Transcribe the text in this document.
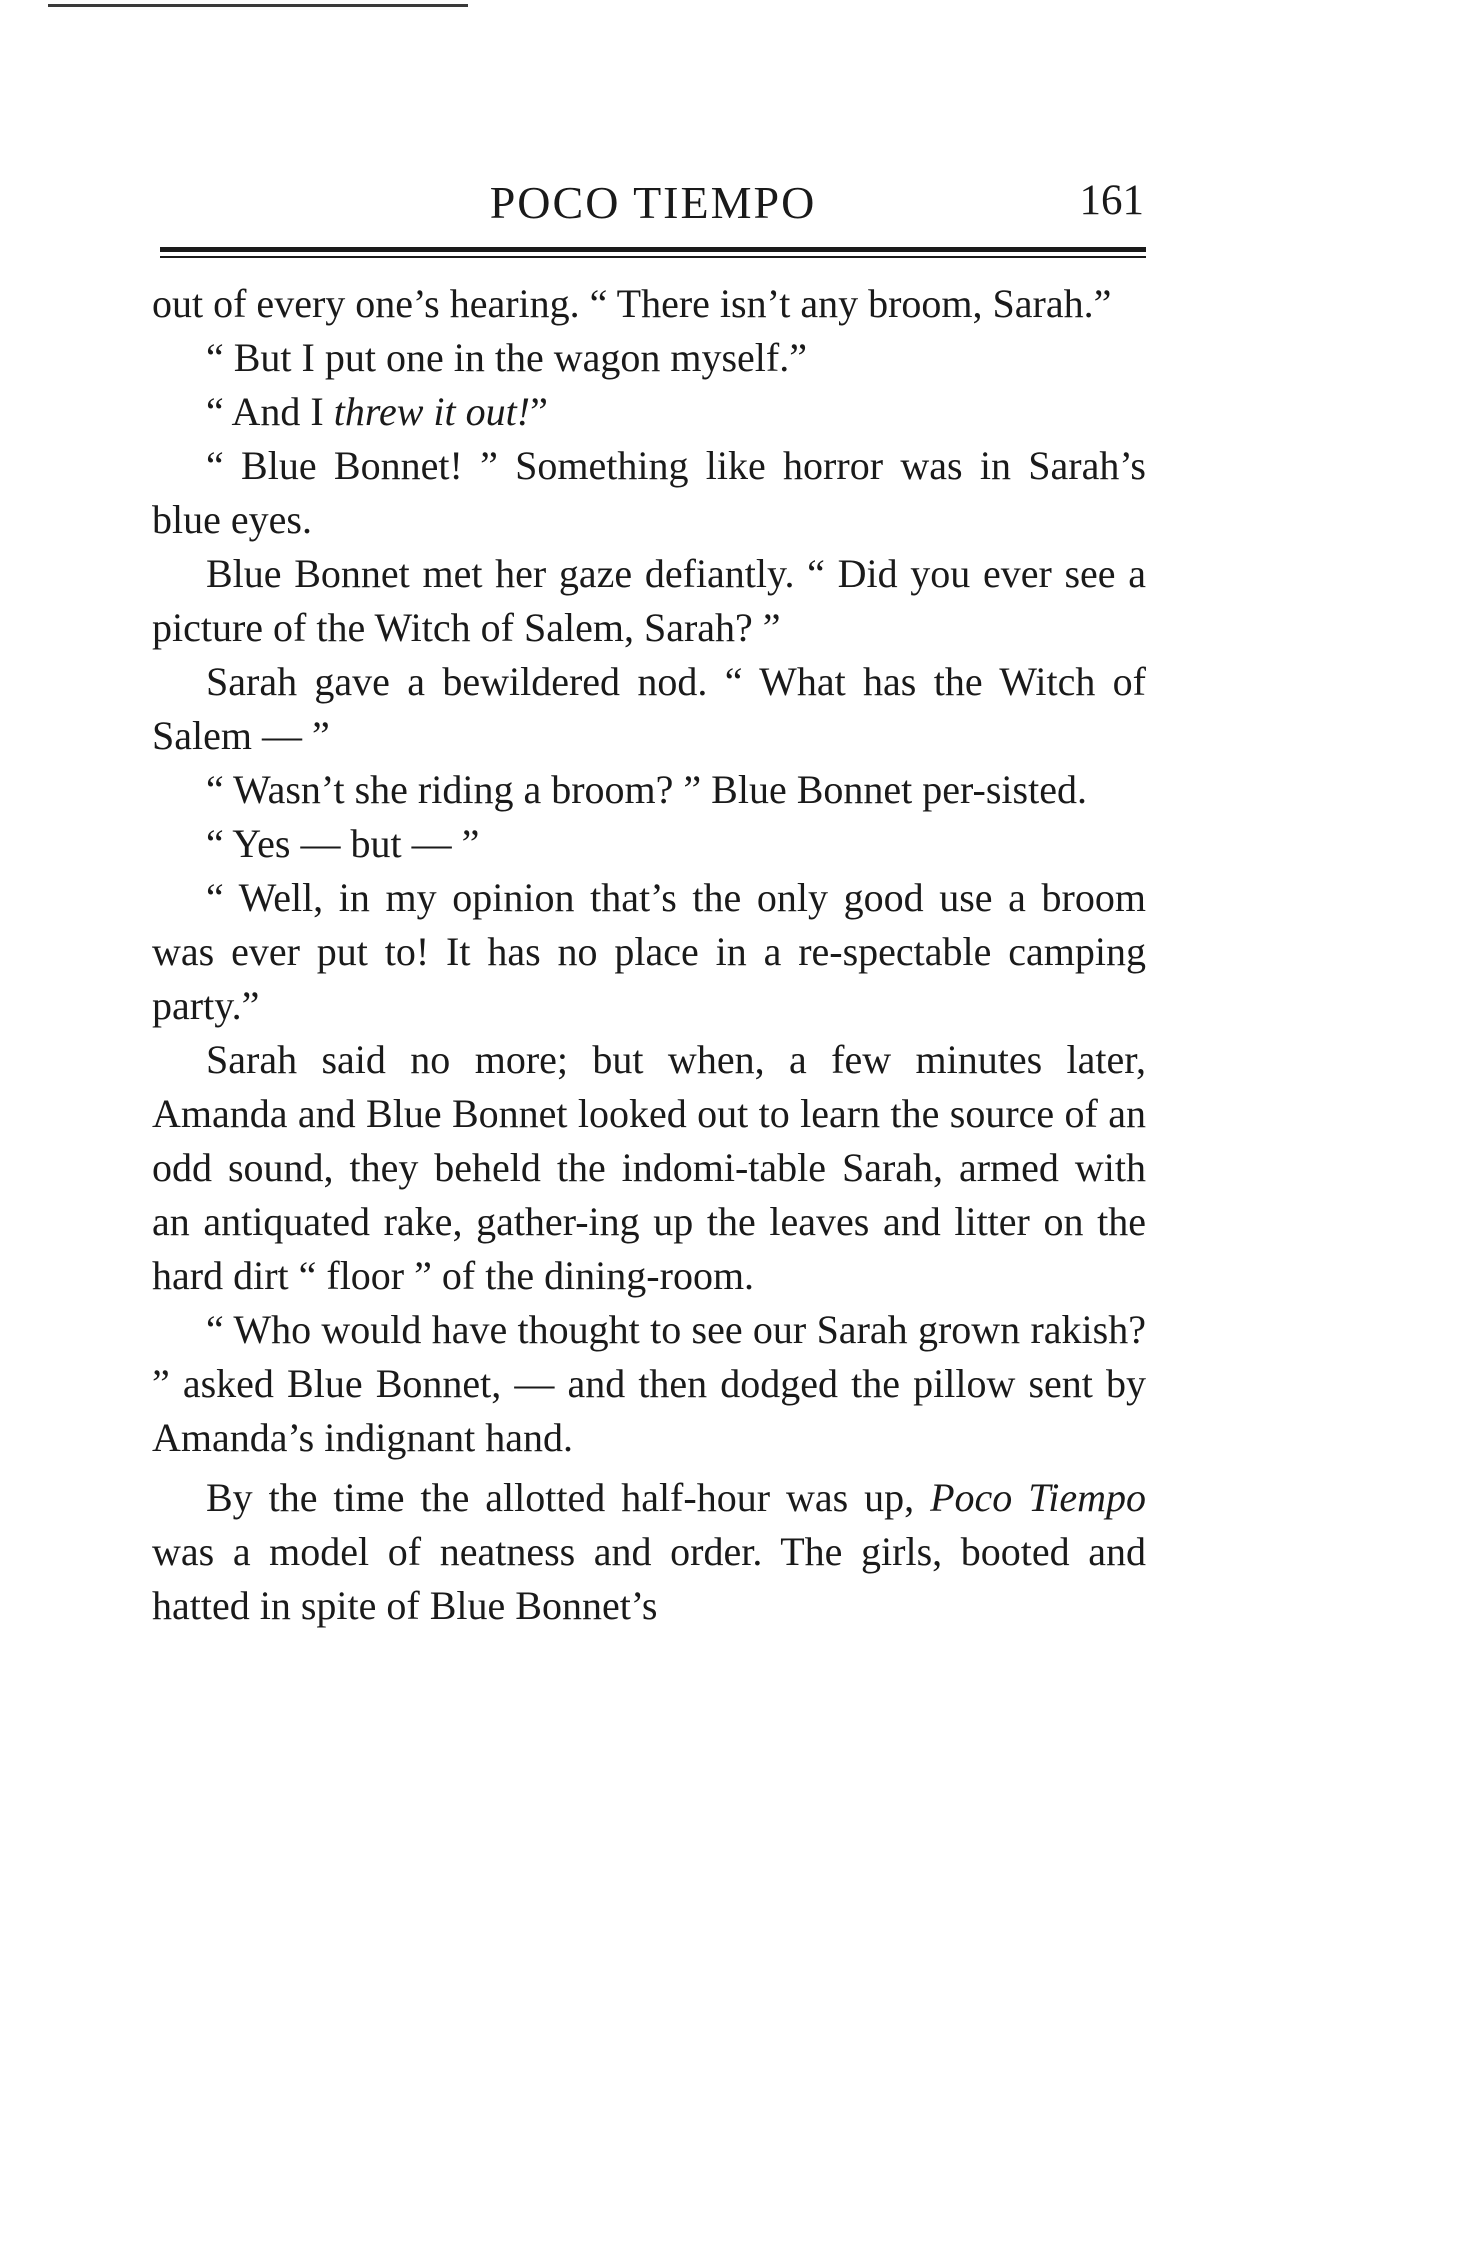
POCO TIEMPO	161

out of every one’s hearing. “ There isn’t any broom, Sarah.”

“ But I put one in the wagon myself.”

“ And I threw it out!”

“ Blue Bonnet! ” Something like horror was in Sarah’s blue eyes.

Blue Bonnet met her gaze defiantly. “ Did you ever see a picture of the Witch of Salem, Sarah? ”

Sarah gave a bewildered nod. “ What has the Witch of Salem — ”

“ Wasn’t she riding a broom? ” Blue Bonnet per-sisted.

“ Yes — but — ”

“ Well, in my opinion that’s the only good use a broom was ever put to! It has no place in a re-spectable camping party.”

Sarah said no more; but when, a few minutes later, Amanda and Blue Bonnet looked out to learn the source of an odd sound, they beheld the indomi-table Sarah, armed with an antiquated rake, gather-ing up the leaves and litter on the hard dirt “ floor ” of the dining-room.

“ Who would have thought to see our Sarah grown rakish? ” asked Blue Bonnet, — and then dodged the pillow sent by Amanda’s indignant hand.

By the time the allotted half-hour was up, Poco Tiempo was a model of neatness and order. The girls, booted and hatted in spite of Blue Bonnet’s
